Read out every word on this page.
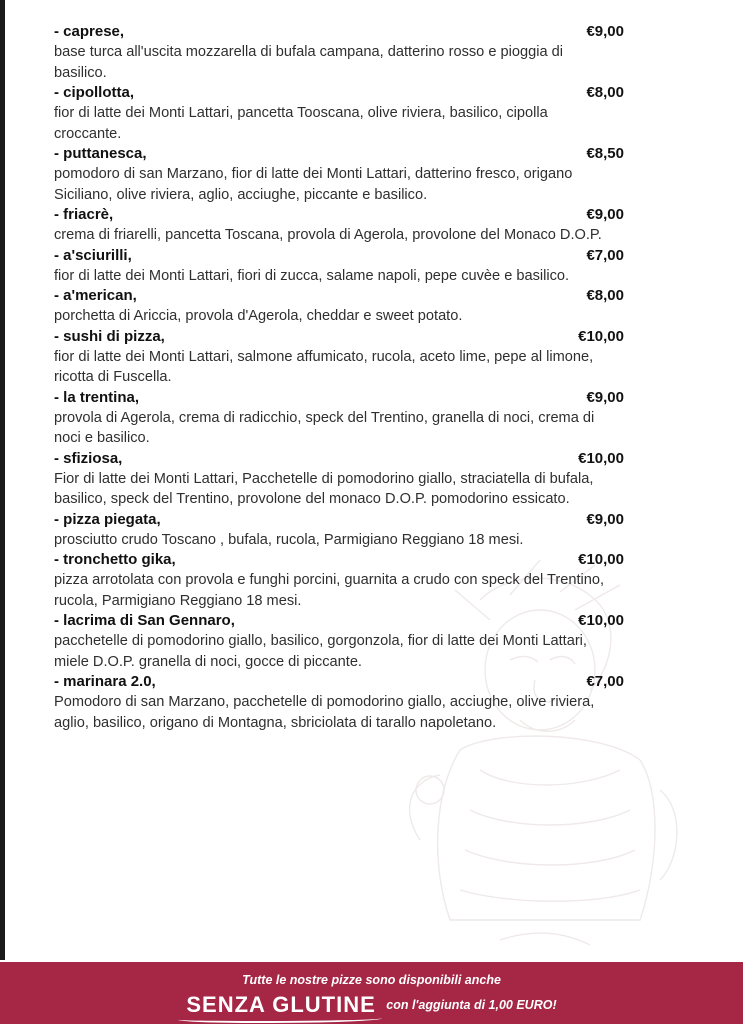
- caprese,	€9,00
base turca all'uscita mozzarella di bufala campana, datterino rosso e pioggia di basilico.
- cipollotta,	€8,00
fior di latte dei Monti Lattari, pancetta Tooscana, olive riviera, basilico, cipolla croccante.
- puttanesca,	€8,50
pomodoro di san Marzano, fior di latte dei Monti Lattari, datterino fresco, origano Siciliano, olive riviera, aglio, acciughe, piccante e basilico.
- friacrè,	€9,00
crema di friarelli, pancetta Toscana, provola di Agerola, provolone del Monaco D.O.P.
- a'sciurilli,	€7,00
fior di latte dei Monti Lattari, fiori di zucca, salame napoli, pepe cuvèe e basilico.
- a'merican,	€8,00
porchetta di Ariccia, provola d'Agerola, cheddar e sweet potato.
- sushi di pizza,	€10,00
fior di latte dei Monti Lattari, salmone affumicato, rucola, aceto lime, pepe al limone, ricotta di Fuscella.
- la trentina,	€9,00
provola di Agerola, crema di radicchio, speck del Trentino, granella di noci, crema di noci e basilico.
- sfiziosa,	€10,00
Fior di latte dei Monti Lattari, Pacchetelle di pomodorino giallo, straciatella di bufala, basilico, speck del Trentino, provolone del monaco D.O.P. pomodorino essicato.
- pizza piegata,	€9,00
prosciutto crudo Toscano , bufala, rucola, Parmigiano Reggiano 18 mesi.
- tronchetto gika,	€10,00
pizza arrotolata con provola e funghi porcini, guarnita a crudo con speck del Trentino, rucola, Parmigiano Reggiano 18 mesi.
- lacrima di San Gennaro,	€10,00
pacchetelle di pomodorino giallo, basilico, gorgonzola, fior di latte dei Monti Lattari, miele D.O.P. granella di noci, gocce di piccante.
- marinara 2.0,	€7,00
Pomodoro di san Marzano, pacchetelle di pomodorino giallo, acciughe, olive riviera, aglio, basilico, origano di Montagna, sbriciolata di tarallo napoletano.
Tutte le nostre pizze sono disponibili anche
SENZA GLUTINE con l'aggiunta di 1,00 EURO!
